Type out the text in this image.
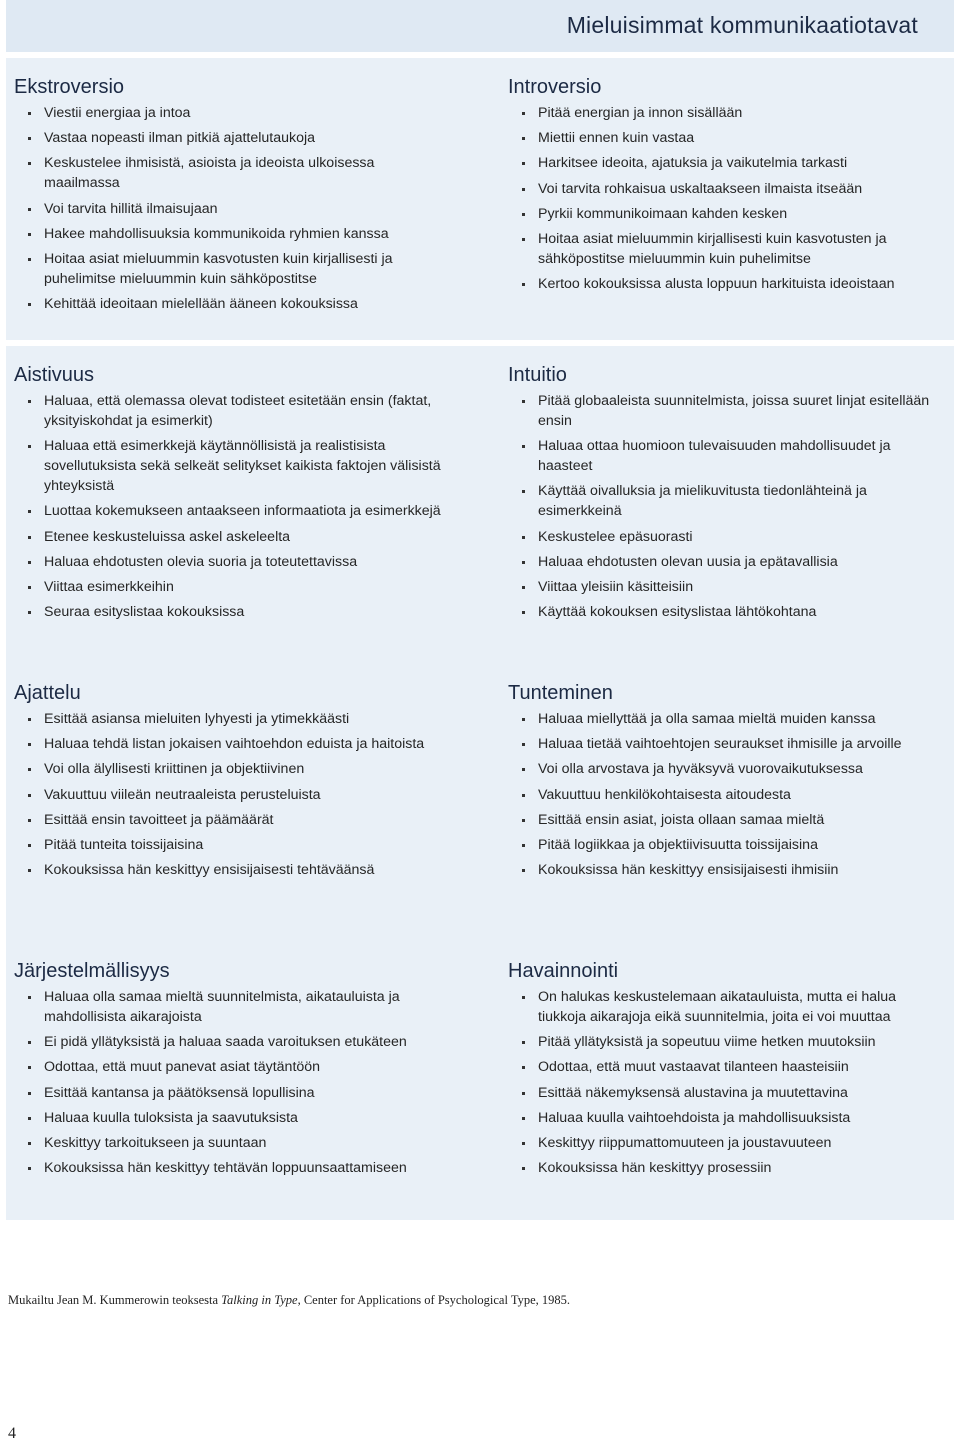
Mieluisimmat kommunikaatiotavat
Ekstroversio
Viestii energiaa ja intoa
Vastaa nopeasti ilman pitkiä ajattelutaukoja
Keskustelee ihmisistä, asioista ja ideoista ulkoisessa maailmassa
Voi tarvita hillitä ilmaisujaan
Hakee mahdollisuuksia kommunikoida ryhmien kanssa
Hoitaa asiat mieluummin kasvotusten kuin kirjallisesti ja puhelimitse mieluummin kuin sähköpostitse
Kehittää ideoitaan mielellään ääneen kokouksissa
Introversio
Pitää energian ja innon sisällään
Miettii ennen kuin vastaa
Harkitsee ideoita, ajatuksia ja vaikutelmia tarkasti
Voi tarvita rohkaisua uskaltaakseen ilmaista itseään
Pyrkii kommunikoimaan kahden kesken
Hoitaa asiat mieluummin kirjallisesti kuin kasvotusten ja sähköpostitse mieluummin kuin puhelimitse
Kertoo kokouksissa alusta loppuun harkituista ideoistaan
Aistivuus
Haluaa, että olemassa olevat todisteet esitetään ensin (faktat, yksityiskohdat ja esimerkit)
Haluaa että esimerkkejä käytännöllisistä ja realistisista sovellutuksista sekä selkeät selitykset kaikista faktojen välisistä yhteyksistä
Luottaa kokemukseen antaakseen informaatiota ja esimerkkejä
Etenee keskusteluissa askel askeleelta
Haluaa ehdotusten olevia suoria ja toteutettavissa
Viittaa esimerkkeihin
Seuraa esityslistaa kokouksissa
Intuitio
Pitää globaaleista suunnitelmista, joissa suuret linjat esitellään ensin
Haluaa ottaa huomioon tulevaisuuden mahdollisuudet ja haasteet
Käyttää oivalluksia ja mielikuvitusta tiedonlähteinä ja esimerkkeinä
Keskustelee epäsuorasti
Haluaa ehdotusten olevan uusia ja epätavallisia
Viittaa yleisiin käsitteisiin
Käyttää kokouksen esityslistaa lähtökohtana
Ajattelu
Esittää asiansa mieluiten lyhyesti ja ytimekkäästi
Haluaa tehdä listan jokaisen vaihtoehdon eduista ja haitoista
Voi olla älyllisesti kriittinen ja objektiivinen
Vakuuttuu viileän neutraaleista perusteluista
Esittää ensin tavoitteet ja päämäärät
Pitää tunteita toissijaisina
Kokouksissa hän keskittyy ensisijaisesti tehtäväänsä
Tunteminen
Haluaa miellyttää ja olla samaa mieltä muiden kanssa
Haluaa tietää vaihtoehtojen seuraukset ihmisille ja arvoille
Voi olla arvostava ja hyväksyvä vuorovaikutuksessa
Vakuuttuu henkilökohtaisesta aitoudesta
Esittää ensin asiat, joista ollaan samaa mieltä
Pitää logiikkaa ja objektiivisuutta toissijaisina
Kokouksissa hän keskittyy ensisijaisesti ihmisiin
Järjestelmällisyys
Haluaa olla samaa mieltä suunnitelmista, aikatauluista ja mahdollisista aikarajoista
Ei pidä yllätyksistä ja haluaa saada varoituksen etukäteen
Odottaa, että muut panevat asiat täytäntöön
Esittää kantansa ja päätöksensä lopullisina
Haluaa kuulla tuloksista ja saavutuksista
Keskittyy tarkoitukseen ja suuntaan
Kokouksissa hän keskittyy tehtävän loppuunsaattamiseen
Havainnointi
On halukas keskustelemaan aikatauluista, mutta ei halua tiukkoja aikarajoja eikä suunnitelmia, joita ei voi muuttaa
Pitää yllätyksistä ja sopeutuu viime hetken muutoksiin
Odottaa, että muut vastaavat tilanteen haasteisiin
Esittää näkemyksensä alustavina ja muutettavina
Haluaa kuulla vaihtoehdoista ja mahdollisuuksista
Keskittyy riippumattomuuteen ja joustavuuteen
Kokouksissa hän keskittyy prosessiin

Mukailtu Jean M. Kummerowin teoksesta Talking in Type, Center for Applications of Psychological Type, 1985.

4
